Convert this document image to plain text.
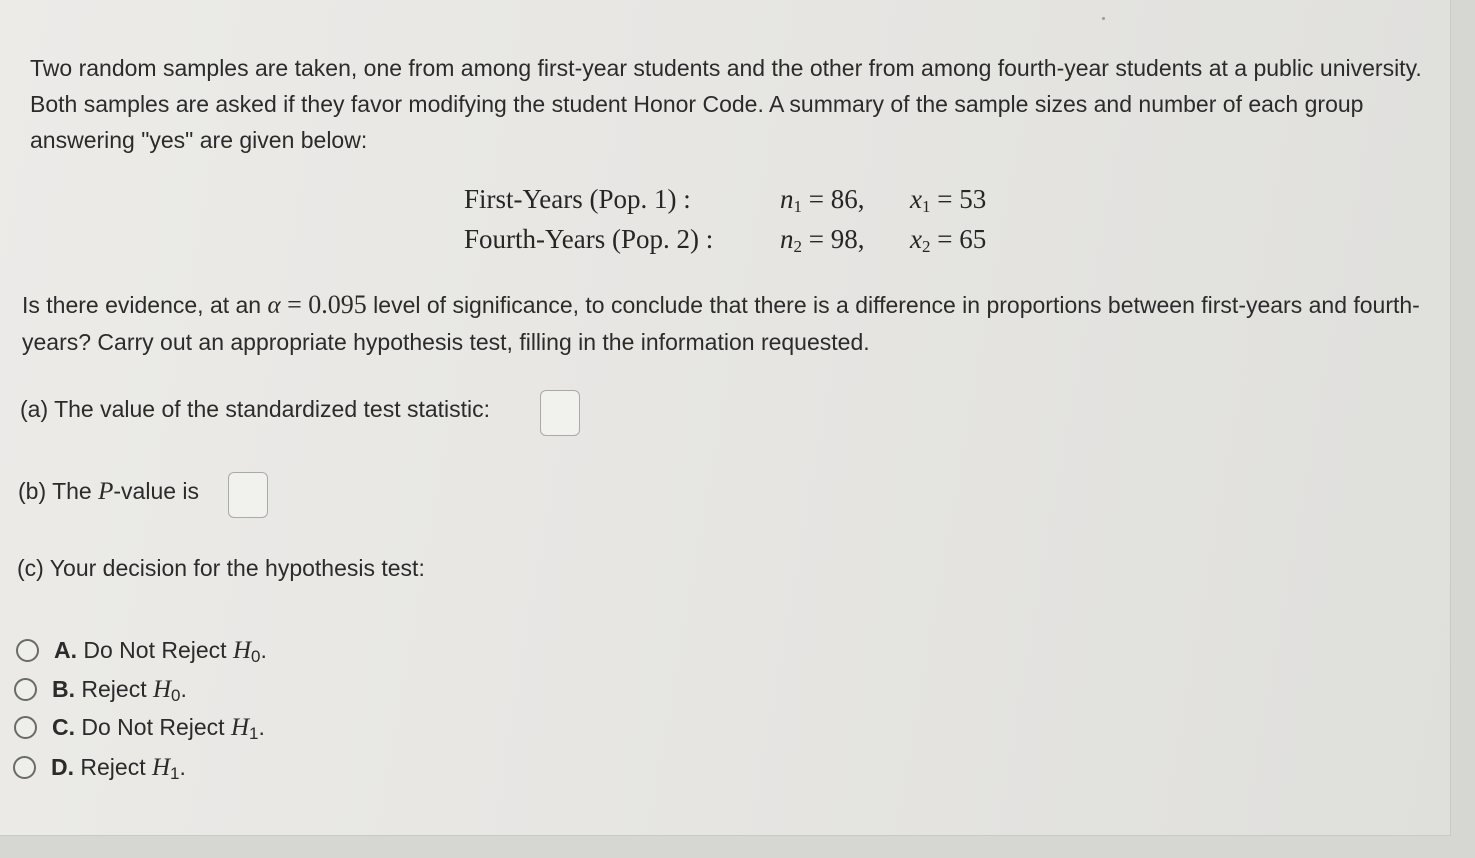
Two random samples are taken, one from among first-year students and the other from among fourth-year students at a public university. Both samples are asked if they favor modifying the student Honor Code. A summary of the sample sizes and number of each group answering "yes" are given below:
First-Years (Pop. 1) :	$n_1 = 86$, $x_1 = 53$
Fourth-Years (Pop. 2) : $n_2 = 98$, $x_2 = 65$
Is there evidence, at an α = 0.095 level of significance, to conclude that there is a difference in proportions between first-years and fourth-years? Carry out an appropriate hypothesis test, filling in the information requested.
(a) The value of the standardized test statistic:
(b) The P-value is
(c) Your decision for the hypothesis test:
A. Do Not Reject $H_0$.
B. Reject $H_0$.
C. Do Not Reject $H_1$.
D. Reject $H_1$.
